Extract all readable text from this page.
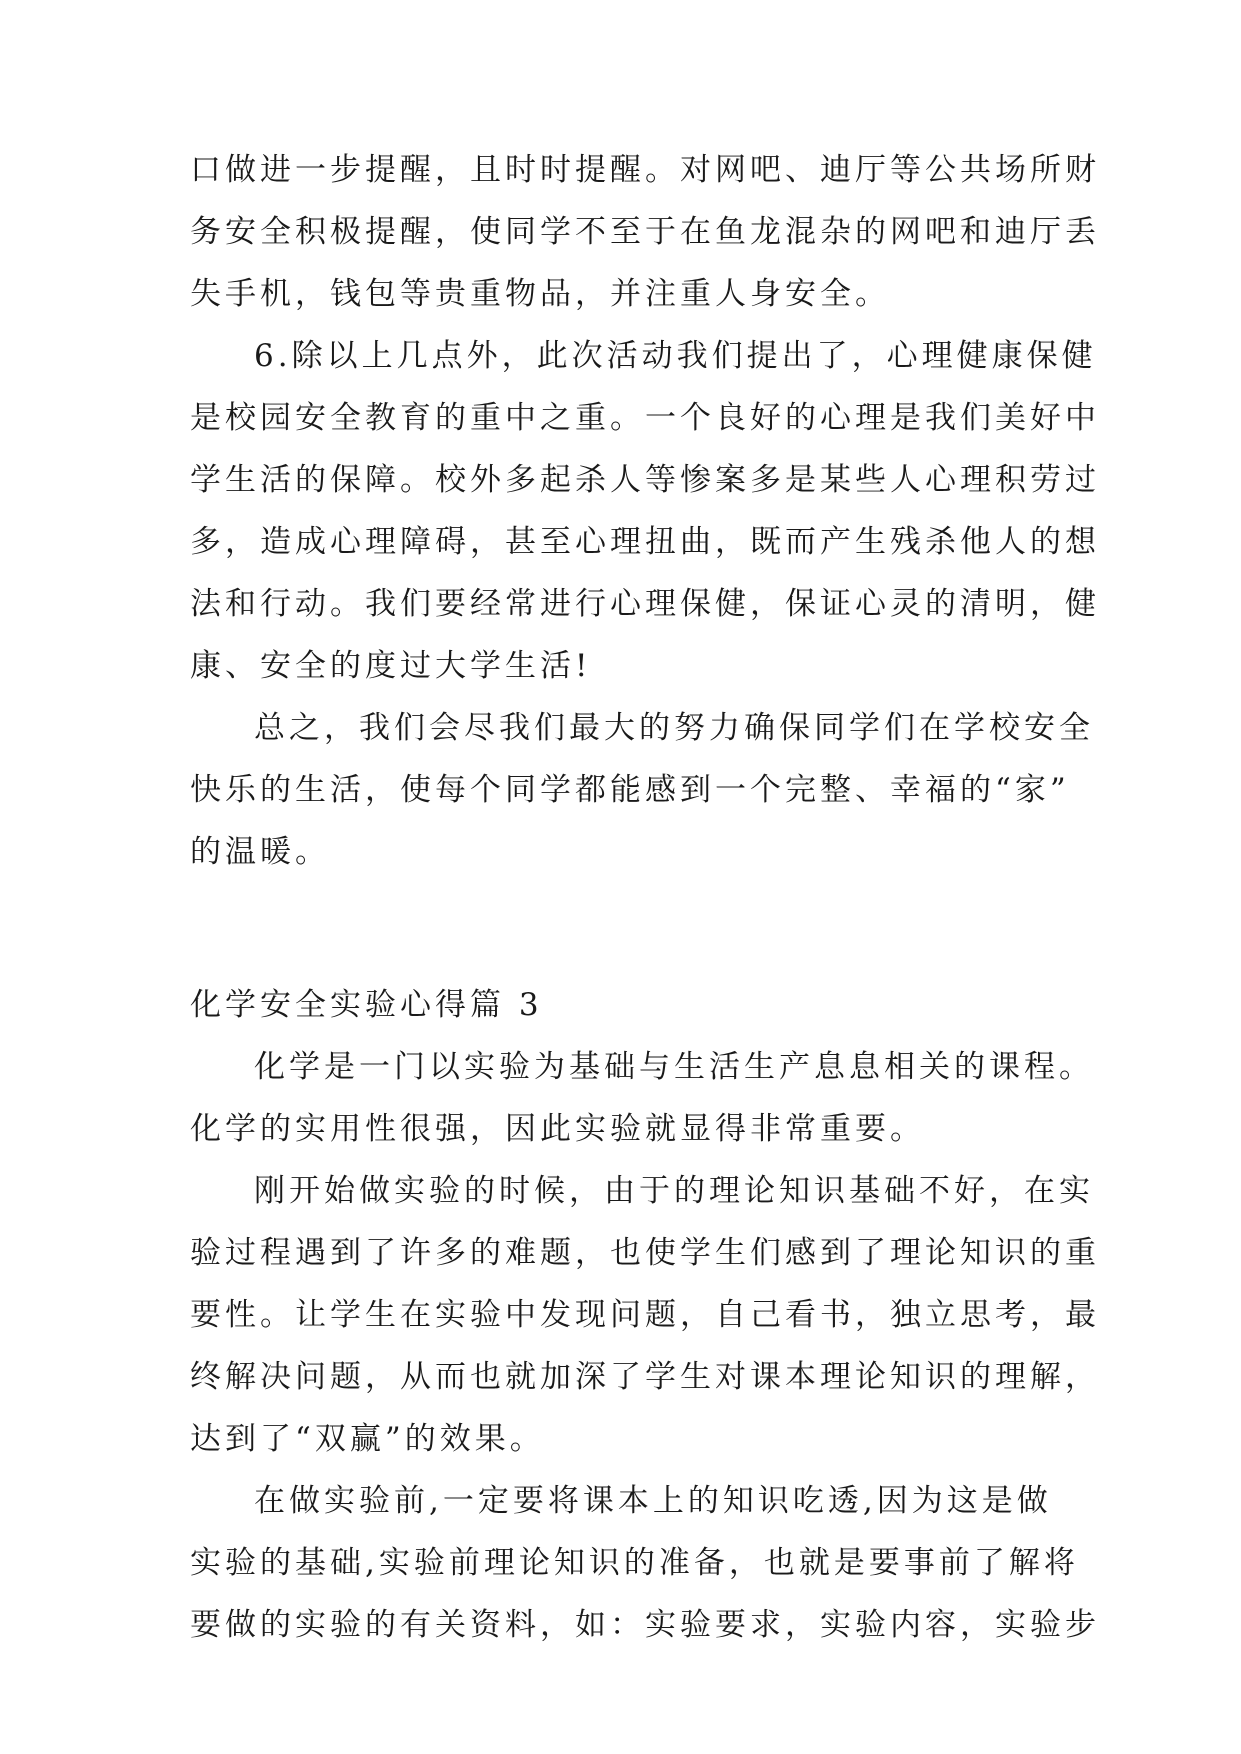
口做进一步提醒，且时时提醒。对网吧、迪厅等公共场所财
务安全积极提醒，使同学不至于在鱼龙混杂的网吧和迪厅丢
失手机，钱包等贵重物品，并注重人身安全。
6.除以上几点外，此次活动我们提出了，心理健康保健
是校园安全教育的重中之重。一个良好的心理是我们美好中
学生活的保障。校外多起杀人等惨案多是某些人心理积劳过
多，造成心理障碍，甚至心理扭曲，既而产生残杀他人的想
法和行动。我们要经常进行心理保健，保证心灵的清明，健
康、安全的度过大学生活!
总之，我们会尽我们最大的努力确保同学们在学校安全
快乐的生活，使每个同学都能感到一个完整、幸福的“家”
的温暖。
化学安全实验心得篇 3
化学是一门以实验为基础与生活生产息息相关的课程。
化学的实用性很强，因此实验就显得非常重要。
刚开始做实验的时候，由于的理论知识基础不好，在实
验过程遇到了许多的难题，也使学生们感到了理论知识的重
要性。让学生在实验中发现问题，自己看书，独立思考，最
终解决问题，从而也就加深了学生对课本理论知识的理解，
达到了“双赢”的效果。
在做实验前,一定要将课本上的知识吃透,因为这是做
实验的基础,实验前理论知识的准备，也就是要事前了解将
要做的实验的有关资料，如：实验要求，实验内容，实验步
